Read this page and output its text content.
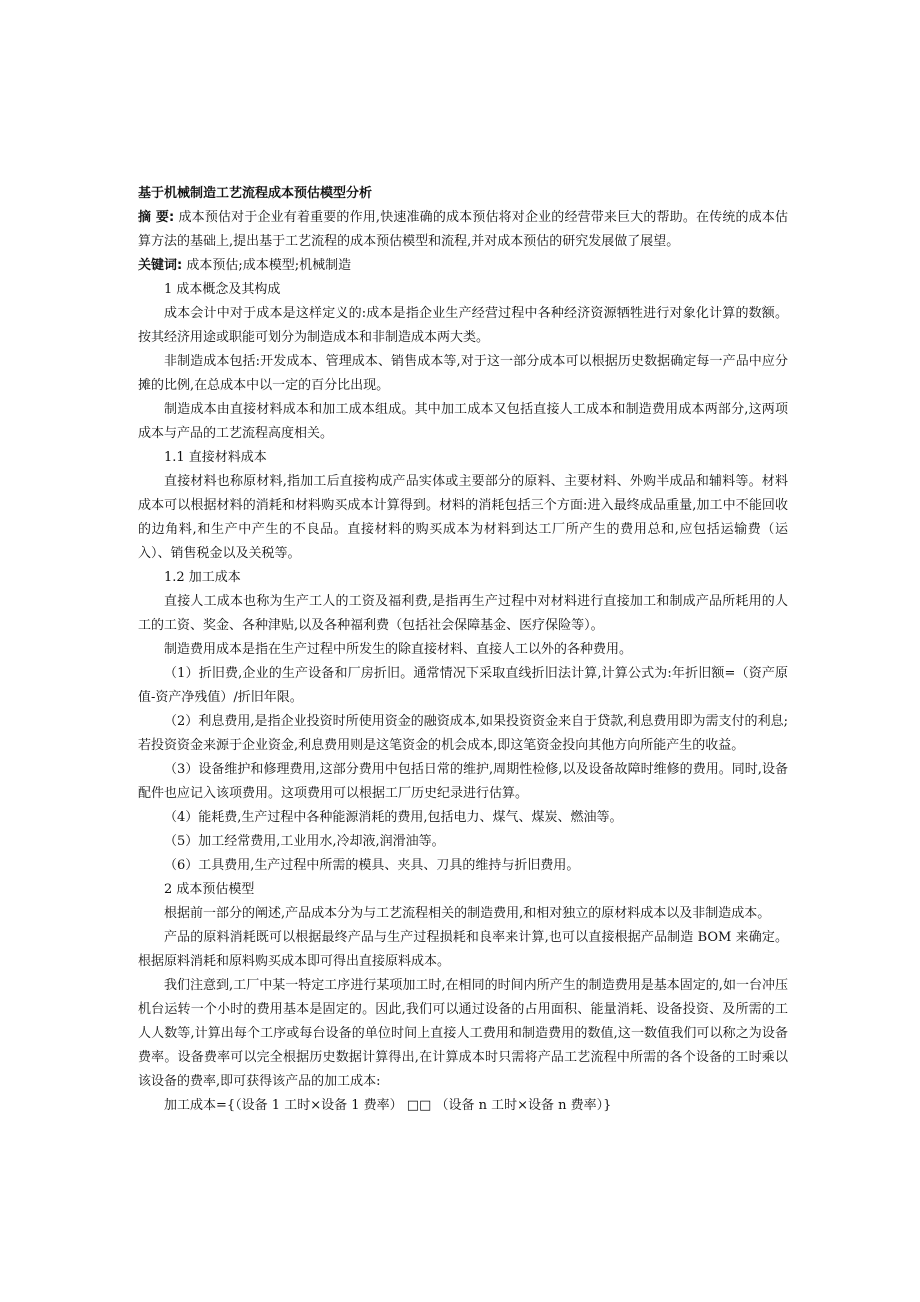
基于机械制造工艺流程成本预估模型分析

摘 要: 成本预估对于企业有着重要的作用,快速准确的成本预估将对企业的经营带来巨大的帮助。在传统的成本估算方法的基础上,提出基于工艺流程的成本预估模型和流程,并对成本预估的研究发展做了展望。

关键词: 成本预估;成本模型;机械制造

1 成本概念及其构成

成本会计中对于成本是这样定义的:成本是指企业生产经营过程中各种经济资源牺牲进行对象化计算的数额。按其经济用途或职能可划分为制造成本和非制造成本两大类。

非制造成本包括:开发成本、管理成本、销售成本等,对于这一部分成本可以根据历史数据确定每一产品中应分摊的比例,在总成本中以一定的百分比出现。

制造成本由直接材料成本和加工成本组成。其中加工成本又包括直接人工成本和制造费用成本两部分,这两项成本与产品的工艺流程高度相关。

1.1 直接材料成本

直接材料也称原材料,指加工后直接构成产品实体或主要部分的原料、主要材料、外购半成品和辅料等。材料成本可以根据材料的消耗和材料购买成本计算得到。材料的消耗包括三个方面:进入最终成品重量,加工中不能回收的边角料,和生产中产生的不良品。直接材料的购买成本为材料到达工厂所产生的费用总和,应包括运输费（运入）、销售税金以及关税等。

1.2 加工成本

直接人工成本也称为生产工人的工资及福利费,是指再生产过程中对材料进行直接加工和制成产品所耗用的人工的工资、奖金、各种津贴,以及各种福利费（包括社会保障基金、医疗保险等）。

制造费用成本是指在生产过程中所发生的除直接材料、直接人工以外的各种费用。

（1）折旧费,企业的生产设备和厂房折旧。通常情况下采取直线折旧法计算,计算公式为:年折旧额=（资产原值-资产净残值）/折旧年限。

（2）利息费用,是指企业投资时所使用资金的融资成本,如果投资资金来自于贷款,利息费用即为需支付的利息;若投资资金来源于企业资金,利息费用则是这笔资金的机会成本,即这笔资金投向其他方向所能产生的收益。

（3）设备维护和修理费用,这部分费用中包括日常的维护,周期性检修,以及设备故障时维修的费用。同时,设备配件也应记入该项费用。这项费用可以根据工厂历史纪录进行估算。

（4）能耗费,生产过程中各种能源消耗的费用,包括电力、煤气、煤炭、燃油等。

（5）加工经常费用,工业用水,冷却液,润滑油等。

（6）工具费用,生产过程中所需的模具、夹具、刀具的维持与折旧费用。

2 成本预估模型

根据前一部分的阐述,产品成本分为与工艺流程相关的制造费用,和相对独立的原材料成本以及非制造成本。

产品的原料消耗既可以根据最终产品与生产过程损耗和良率来计算,也可以直接根据产品制造 BOM 来确定。根据原料消耗和原料购买成本即可得出直接原料成本。

我们注意到,工厂中某一特定工序进行某项加工时,在相同的时间内所产生的制造费用是基本固定的,如一台冲压机台运转一个小时的费用基本是固定的。因此,我们可以通过设备的占用面积、能量消耗、设备投资、及所需的工人人数等,计算出每个工序或每台设备的单位时间上直接人工费用和制造费用的数值,这一数值我们可以称之为设备费率。设备费率可以完全根据历史数据计算得出,在计算成本时只需将产品工艺流程中所需的各个设备的工时乘以该设备的费率,即可获得该产品的加工成本:

加工成本={（设备 1 工时×设备 1 费率） □□ （设备 n 工时×设备 n 费率）}
